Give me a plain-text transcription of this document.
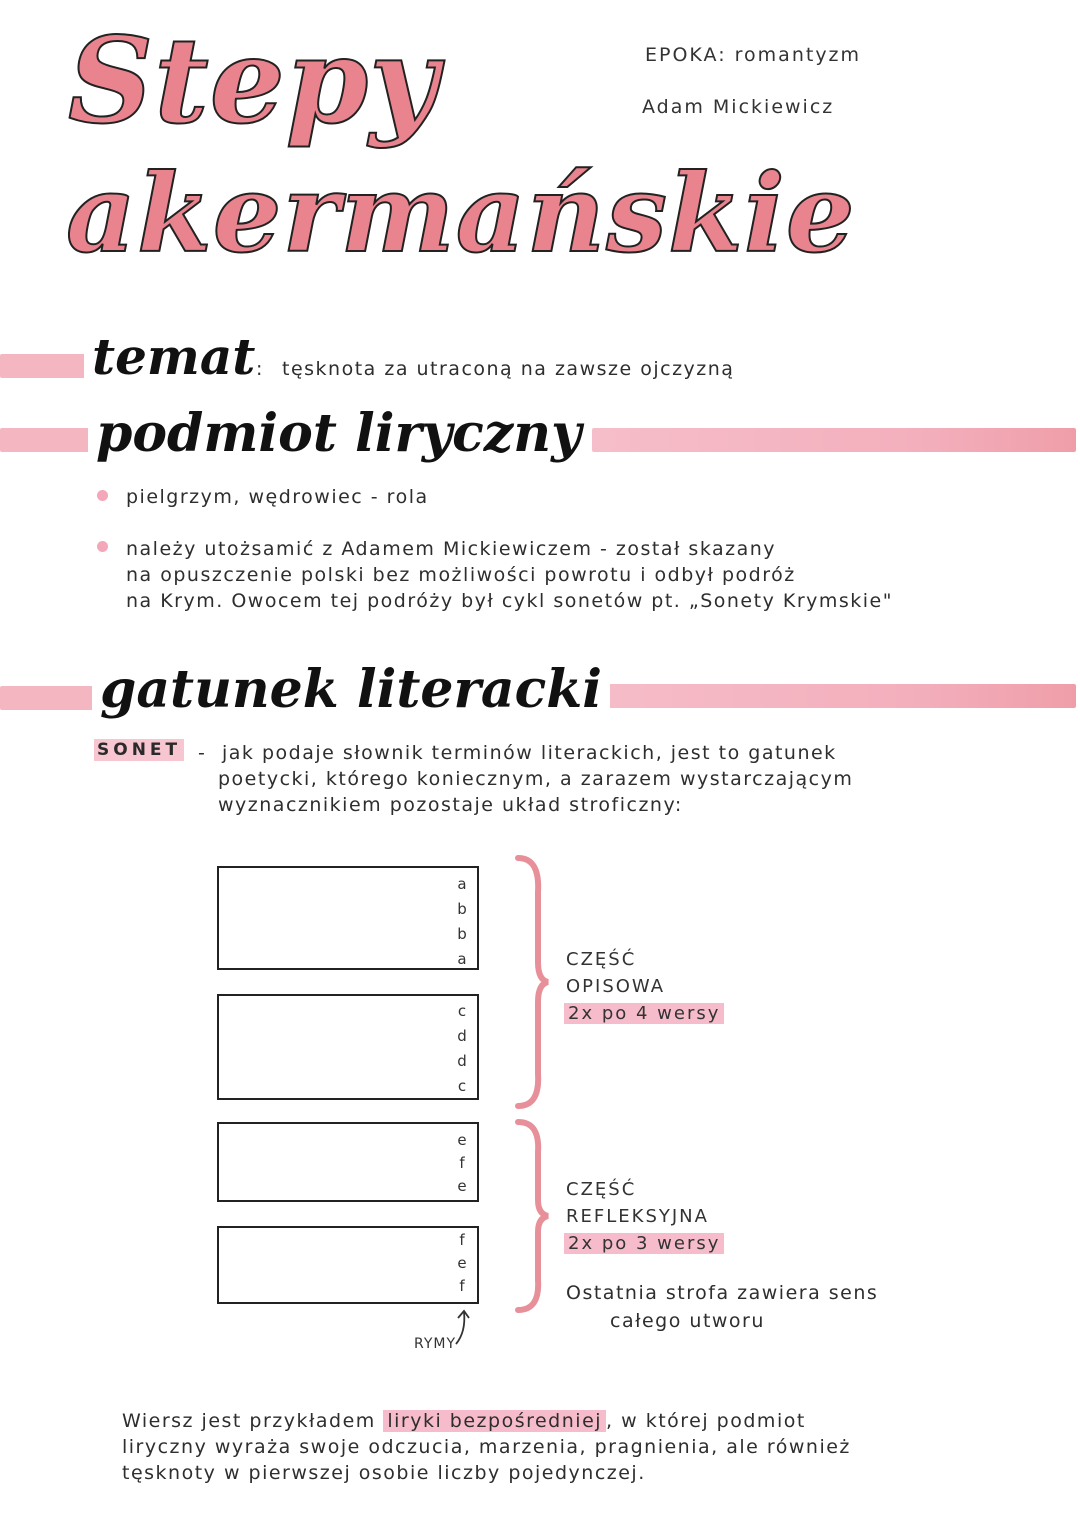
Stepy
akermańskie
EPOKA: romantyzm
Adam Mickiewicz
temat : tęsknota za utraconą na zawsze ojczyzną
podmiot liryczny
pielgrzym, wędrowiec - rola
należy utożsamić z Adamem Mickiewiczem - został skazany
na opuszczenie polski bez możliwości powrotu i odbył podróż
na Krym. Owocem tej podróży był cykl sonetów pt. „Sonety Krymskie"
gatunek literacki
SONET - jak podaje słownik terminów literackich, jest to gatunek
poetycki, którego koniecznym, a zarazem wystarczającym
wyznacznikiem pozostaje układ stroficzny:
a
b
b
a
c
d
d
c
e
f
e
f
e
f
CZĘŚĆ
OPISOWA
2x po 4 wersy
CZĘŚĆ
REFLEKSYJNA
2x po 3 wersy
Ostatnia strofa zawiera sens
całego utworu
RYMY
Wiersz jest przykładem liryki bezpośredniej , w której podmiot
liryczny wyraża swoje odczucia, marzenia, pragnienia, ale również
tęsknoty w pierwszej osobie liczby pojedynczej.
